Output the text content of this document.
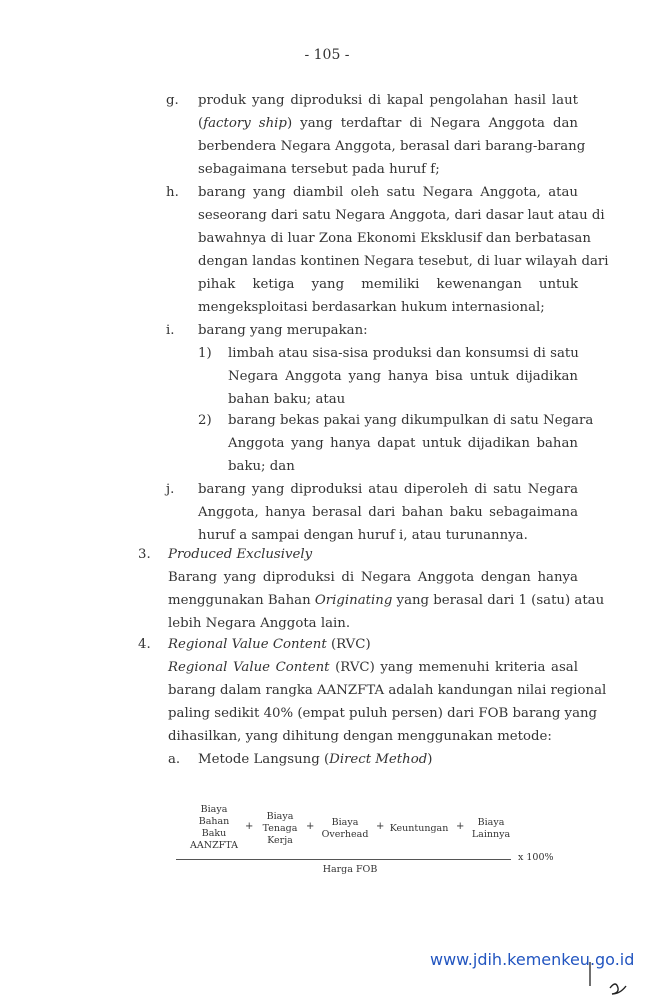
- 105 -
g. produk yang diproduksi di kapal pengolahan hasil laut
(factory ship) yang terdaftar di Negara Anggota dan
berbendera Negara Anggota, berasal dari barang-barang
sebagaimana tersebut pada huruf f;
h. barang yang diambil oleh satu Negara Anggota, atau
seseorang dari satu Negara Anggota, dari dasar laut atau di
bawahnya di luar Zona Ekonomi Eksklusif dan berbatasan
dengan landas kontinen Negara tesebut, di luar wilayah dari
pihak ketiga yang memiliki kewenangan untuk
mengeksploitasi berdasarkan hukum internasional;
i. barang yang merupakan:
1) limbah atau sisa-sisa produksi dan konsumsi di satu
Negara Anggota yang hanya bisa untuk dijadikan
bahan baku; atau
2) barang bekas pakai yang dikumpulkan di satu Negara
Anggota yang hanya dapat untuk dijadikan bahan
baku; dan
j. barang yang diproduksi atau diperoleh di satu Negara
Anggota, hanya berasal dari bahan baku sebagaimana
huruf a sampai dengan huruf i, atau turunannya.
3. Produced Exclusively
Barang yang diproduksi di Negara Anggota dengan hanya
menggunakan Bahan Originating yang berasal dari 1 (satu) atau
lebih Negara Anggota lain.
4. Regional Value Content (RVC)
Regional Value Content (RVC) yang memenuhi kriteria asal
barang dalam rangka AANZFTA adalah kandungan nilai regional
paling sedikit 40% (empat puluh persen) dari FOB barang yang
dihasilkan, yang dihitung dengan menggunakan metode:
a. Metode Langsung (Direct Method)
Biaya
Bahan
Baku
AANZFTA
+
Biaya
Tenaga
Kerja
+	Biaya
Overhead
+ Keuntungan +	Biaya
Lainnya
x 100%
Harga FOB
www.jdih.kemenkeu.go.id
